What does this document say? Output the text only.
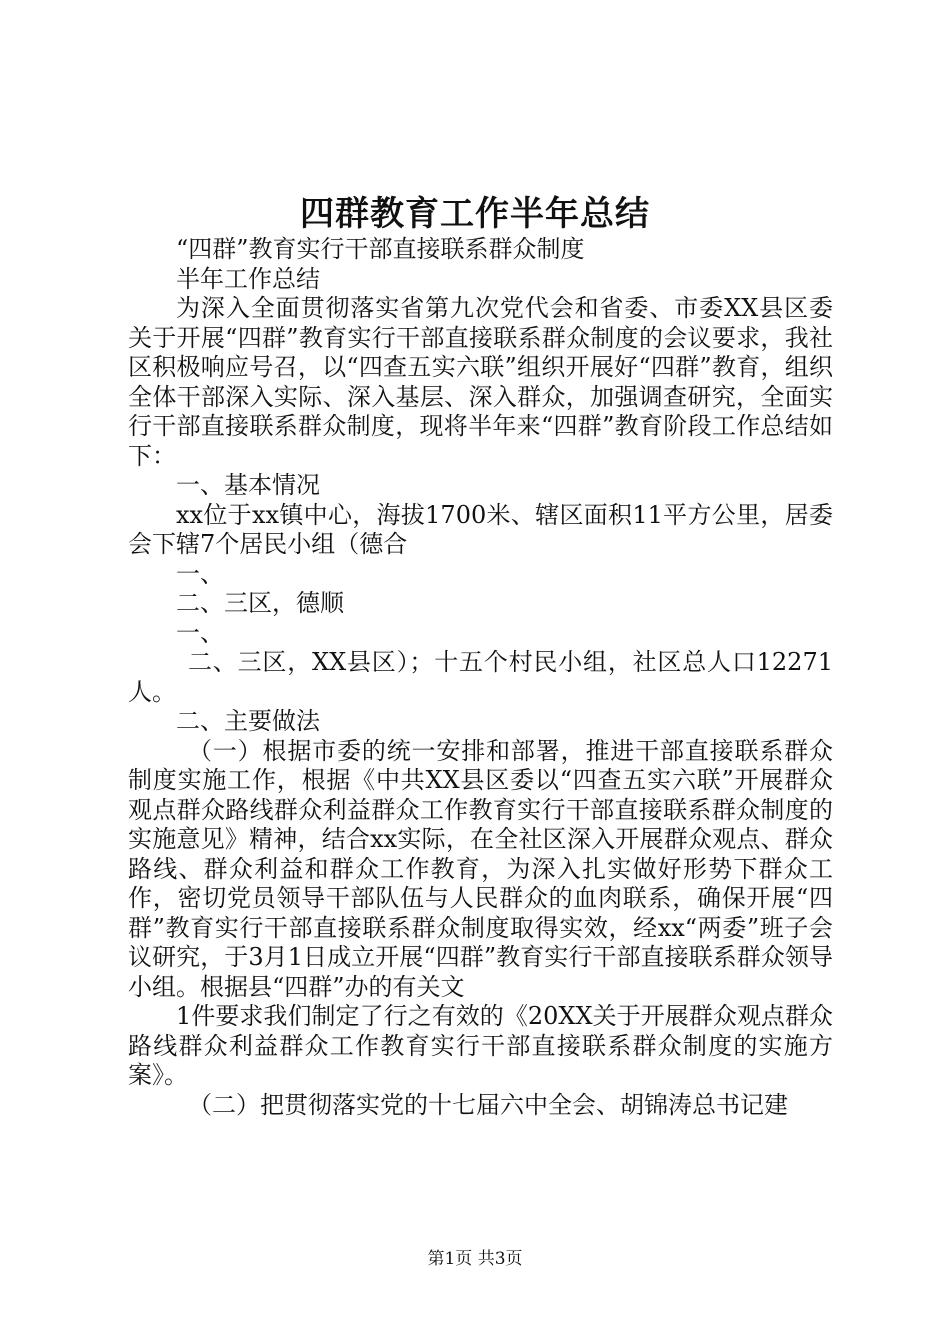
四群教育工作半年总结

“四群”教育实行干部直接联系群众制度

半年工作总结

为深入全面贯彻落实省第九次党代会和省委、市委XX县区委关于开展“四群”教育实行干部直接联系群众制度的会议要求，我社区积极响应号召，以“四查五实六联”组织开展好“四群”教育，组织全体干部深入实际、深入基层、深入群众，加强调查研究，全面实行干部直接联系群众制度，现将半年来“四群”教育阶段工作总结如下：

一、基本情况

xx位于xx镇中心，海拔1700米、辖区面积11平方公里，居委会下辖7个居民小组（德合

一、

二、三区，德顺

一、

二、三区，XX县区）；十五个村民小组，社区总人口12271人。

二、主要做法

（一）根据市委的统一安排和部署，推进干部直接联系群众制度实施工作，根据《中共XX县区委以“四查五实六联”开展群众观点群众路线群众利益群众工作教育实行干部直接联系群众制度的实施意见》精神，结合xx实际，在全社区深入开展群众观点、群众路线、群众利益和群众工作教育，为深入扎实做好形势下群众工作，密切党员领导干部队伍与人民群众的血肉联系，确保开展“四群”教育实行干部直接联系群众制度取得实效，经xx“两委”班子会议研究，于3月1日成立开展“四群”教育实行干部直接联系群众领导小组。根据县“四群”办的有关文

1件要求我们制定了行之有效的《20XX关于开展群众观点群众路线群众利益群众工作教育实行干部直接联系群众制度的实施方案》。

（二）把贯彻落实党的十七届六中全会、胡锦涛总书记建

第1页 共3页
